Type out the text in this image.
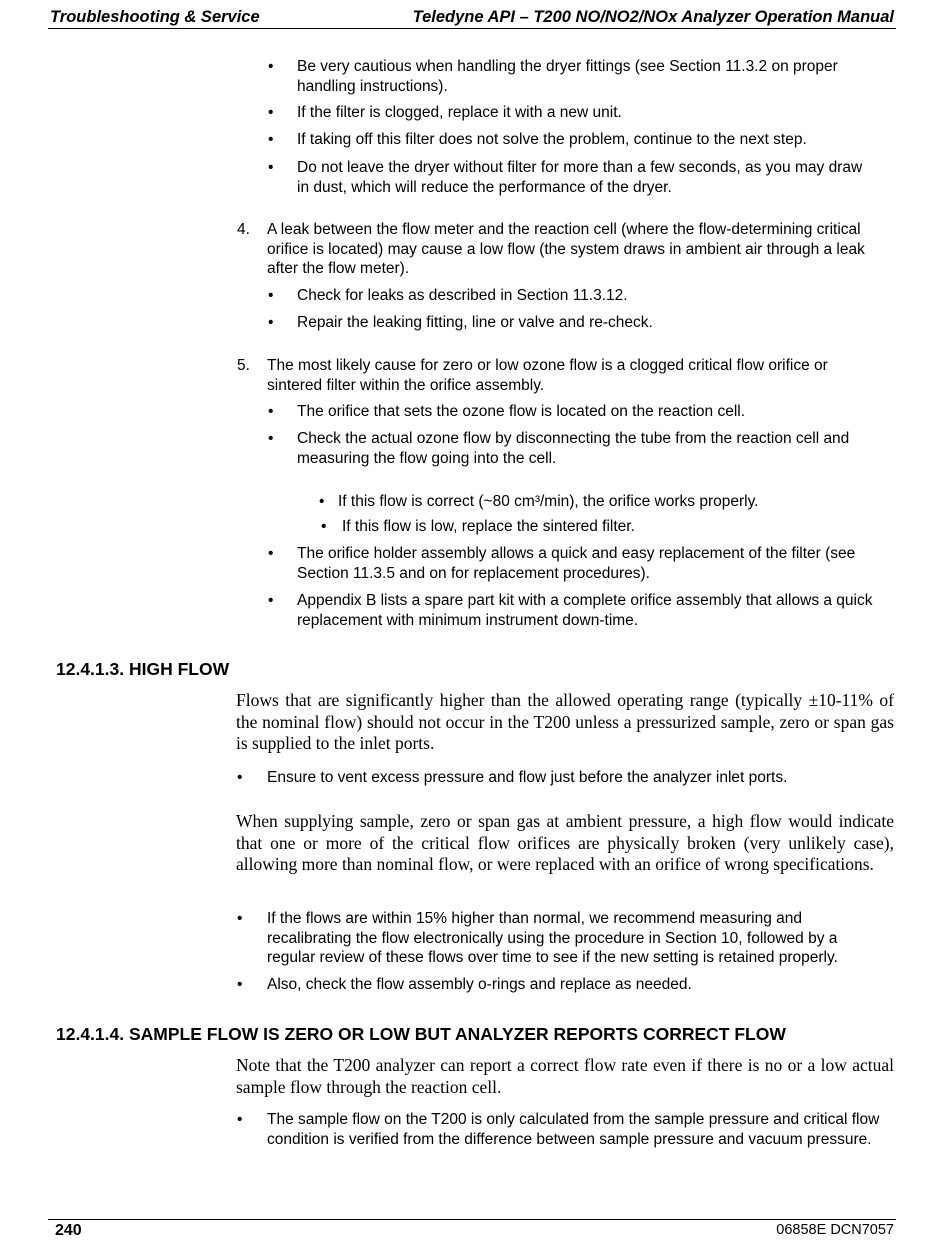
Troubleshooting & Service	Teledyne API – T200 NO/NO2/NOx Analyzer Operation Manual
• Be very cautious when handling the dryer fittings (see Section 11.3.2 on proper handling instructions).
• If the filter is clogged, replace it with a new unit.
• If taking off this filter does not solve the problem, continue to the next step.
• Do not leave the dryer without filter for more than a few seconds, as you may draw in dust, which will reduce the performance of the dryer.
4. A leak between the flow meter and the reaction cell (where the flow-determining critical orifice is located) may cause a low flow (the system draws in ambient air through a leak after the flow meter).
• Check for leaks as described in Section 11.3.12.
• Repair the leaking fitting, line or valve and re-check.
5. The most likely cause for zero or low ozone flow is a clogged critical flow orifice or sintered filter within the orifice assembly.
• The orifice that sets the ozone flow is located on the reaction cell.
• Check the actual ozone flow by disconnecting the tube from the reaction cell and measuring the flow going into the cell.
• If this flow is correct (~80 cm³/min), the orifice works properly.
• If this flow is low, replace the sintered filter.
• The orifice holder assembly allows a quick and easy replacement of the filter (see Section 11.3.5 and on for replacement procedures).
• Appendix B lists a spare part kit with a complete orifice assembly that allows a quick replacement with minimum instrument down-time.
12.4.1.3. HIGH FLOW
Flows that are significantly higher than the allowed operating range (typically ±10-11% of the nominal flow) should not occur in the T200 unless a pressurized sample, zero or span gas is supplied to the inlet ports.
• Ensure to vent excess pressure and flow just before the analyzer inlet ports.
When supplying sample, zero or span gas at ambient pressure, a high flow would indicate that one or more of the critical flow orifices are physically broken (very unlikely case), allowing more than nominal flow, or were replaced with an orifice of wrong specifications.
• If the flows are within 15% higher than normal, we recommend measuring and recalibrating the flow electronically using the procedure in Section 10, followed by a regular review of these flows over time to see if the new setting is retained properly.
• Also, check the flow assembly o-rings and replace as needed.
12.4.1.4. SAMPLE FLOW IS ZERO OR LOW BUT ANALYZER REPORTS CORRECT FLOW
Note that the T200 analyzer can report a correct flow rate even if there is no or a low actual sample flow through the reaction cell.
• The sample flow on the T200 is only calculated from the sample pressure and critical flow condition is verified from the difference between sample pressure and vacuum pressure.
240	06858E DCN7057
